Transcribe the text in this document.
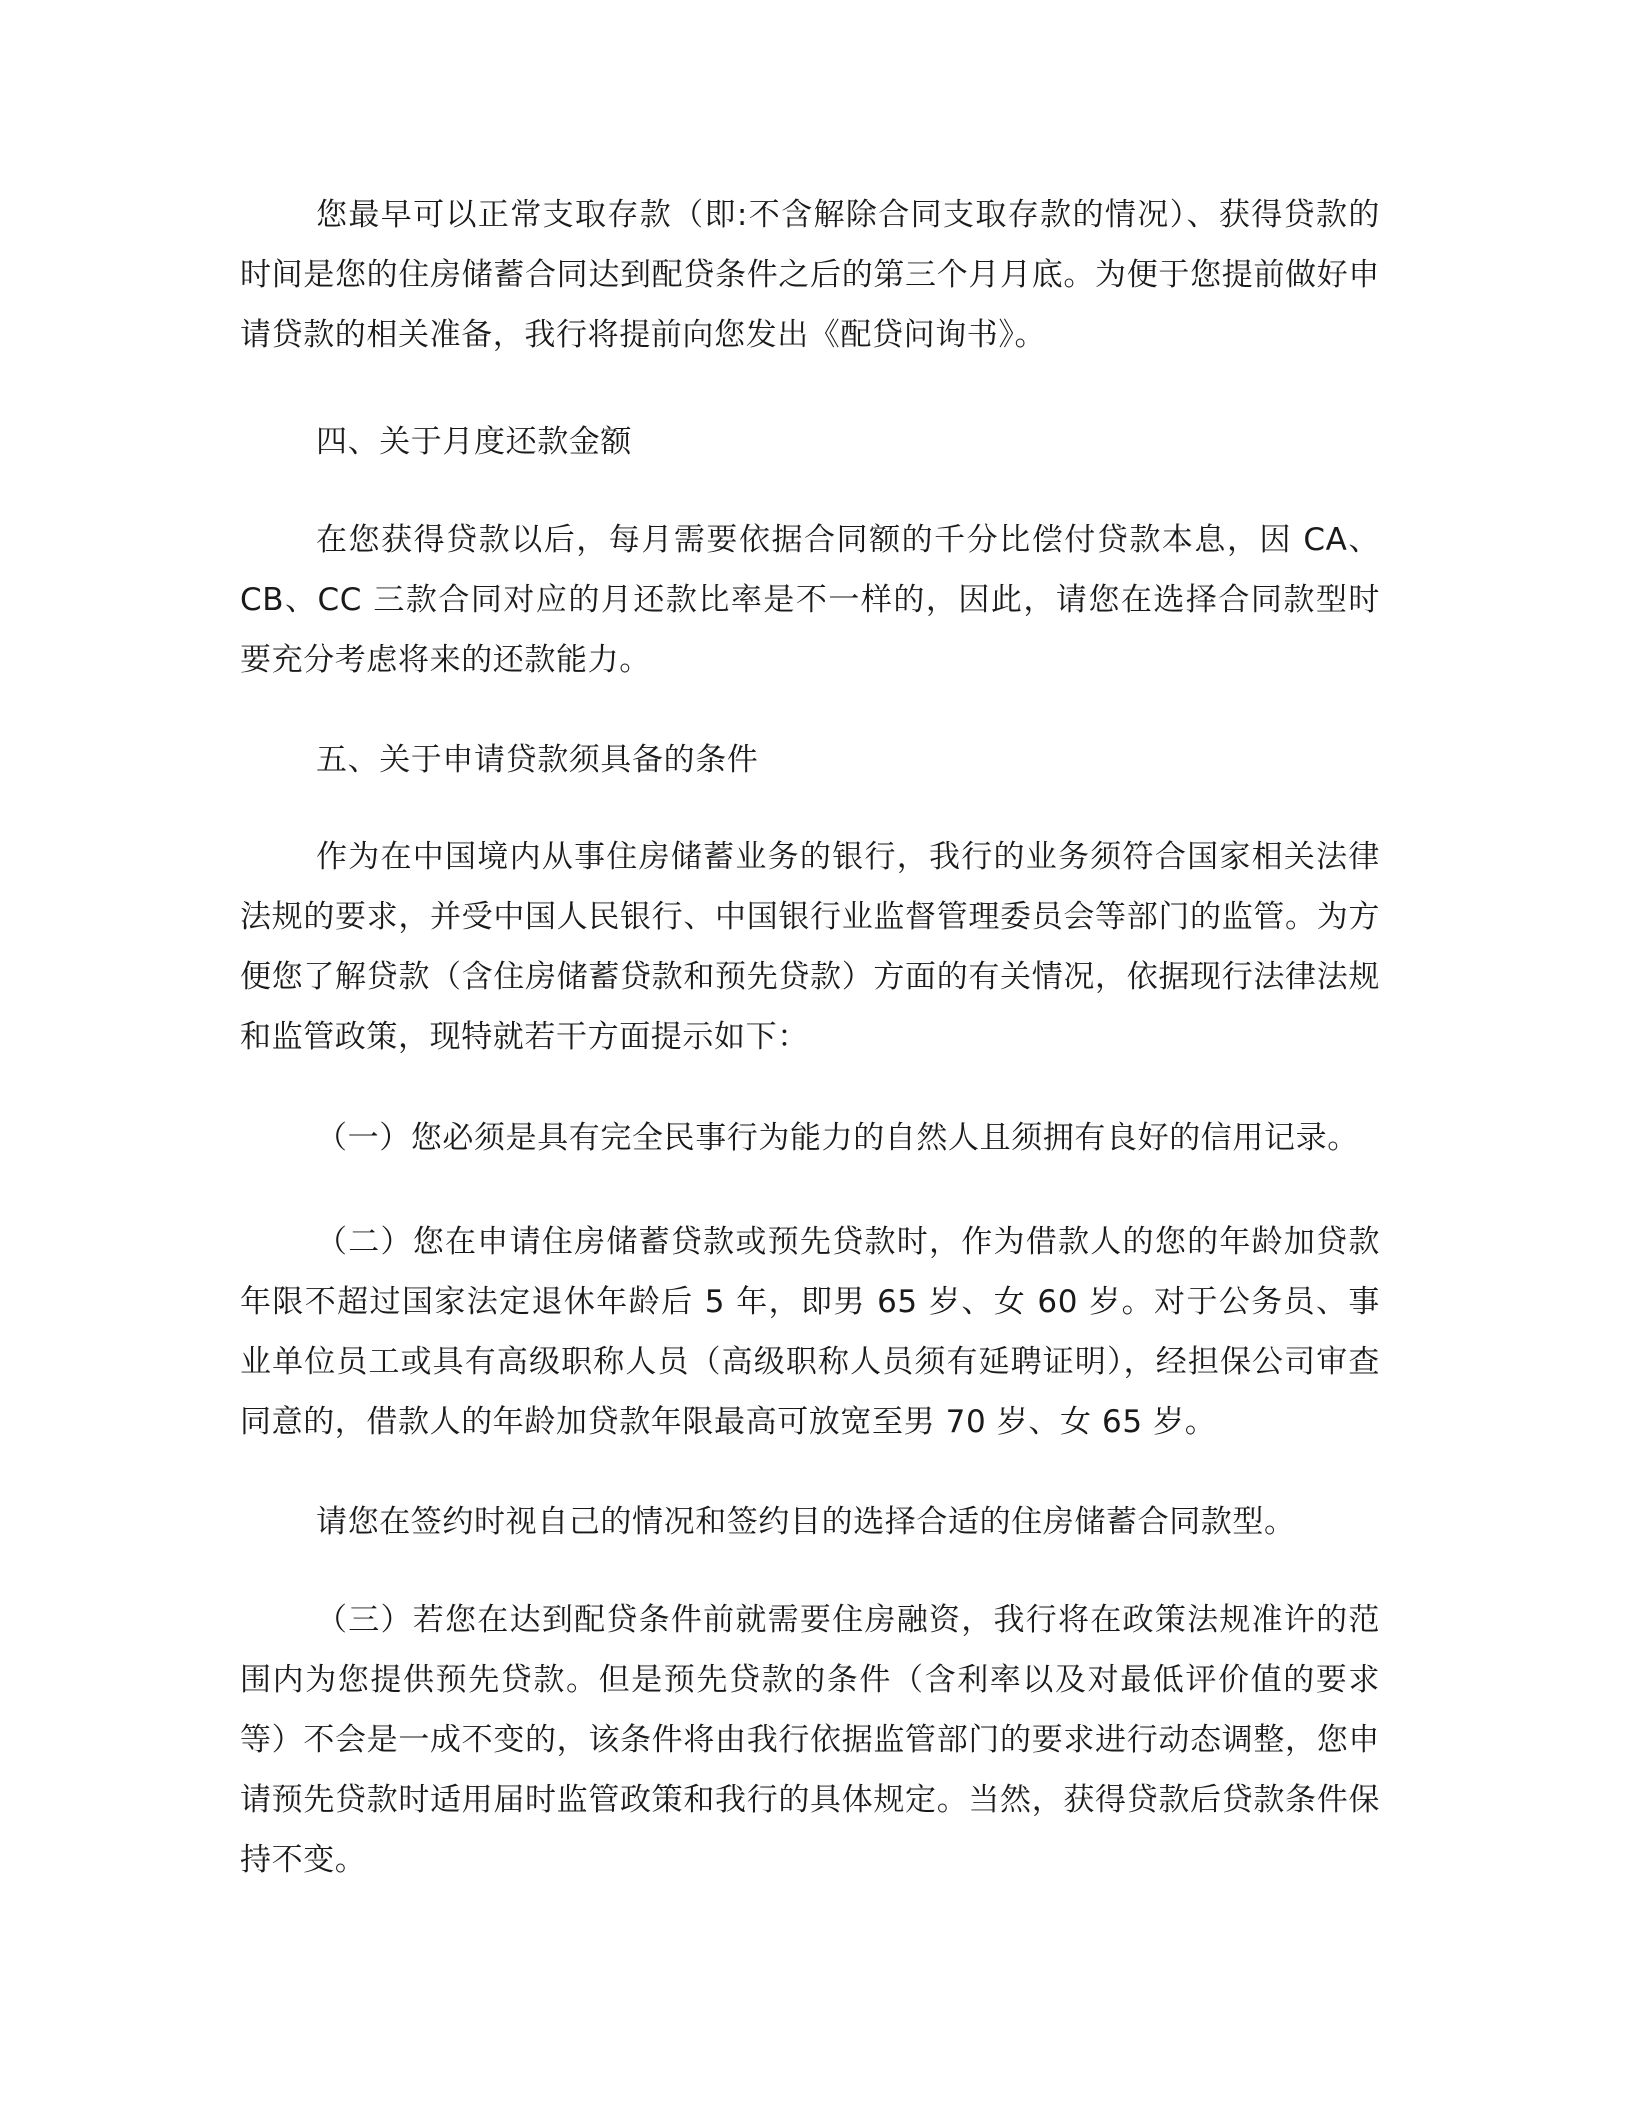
您最早可以正常支取存款（即:不含解除合同支取存款的情况）、获得贷款的时间是您的住房储蓄合同达到配贷条件之后的第三个月月底。为便于您提前做好申请贷款的相关准备，我行将提前向您发出《配贷问询书》。

四、关于月度还款金额

在您获得贷款以后，每月需要依据合同额的千分比偿付贷款本息，因 CA、CB、CC 三款合同对应的月还款比率是不一样的，因此，请您在选择合同款型时要充分考虑将来的还款能力。

五、关于申请贷款须具备的条件

作为在中国境内从事住房储蓄业务的银行，我行的业务须符合国家相关法律法规的要求，并受中国人民银行、中国银行业监督管理委员会等部门的监管。为方便您了解贷款（含住房储蓄贷款和预先贷款）方面的有关情况，依据现行法律法规和监管政策，现特就若干方面提示如下：

（一）您必须是具有完全民事行为能力的自然人且须拥有良好的信用记录。

（二）您在申请住房储蓄贷款或预先贷款时，作为借款人的您的年龄加贷款年限不超过国家法定退休年龄后 5 年，即男 65 岁、女 60 岁。对于公务员、事业单位员工或具有高级职称人员（高级职称人员须有延聘证明），经担保公司审查同意的，借款人的年龄加贷款年限最高可放宽至男 70 岁、女 65 岁。

请您在签约时视自己的情况和签约目的选择合适的住房储蓄合同款型。

（三）若您在达到配贷条件前就需要住房融资，我行将在政策法规准许的范围内为您提供预先贷款。但是预先贷款的条件（含利率以及对最低评价值的要求等）不会是一成不变的，该条件将由我行依据监管部门的要求进行动态调整，您申请预先贷款时适用届时监管政策和我行的具体规定。当然，获得贷款后贷款条件保持不变。
